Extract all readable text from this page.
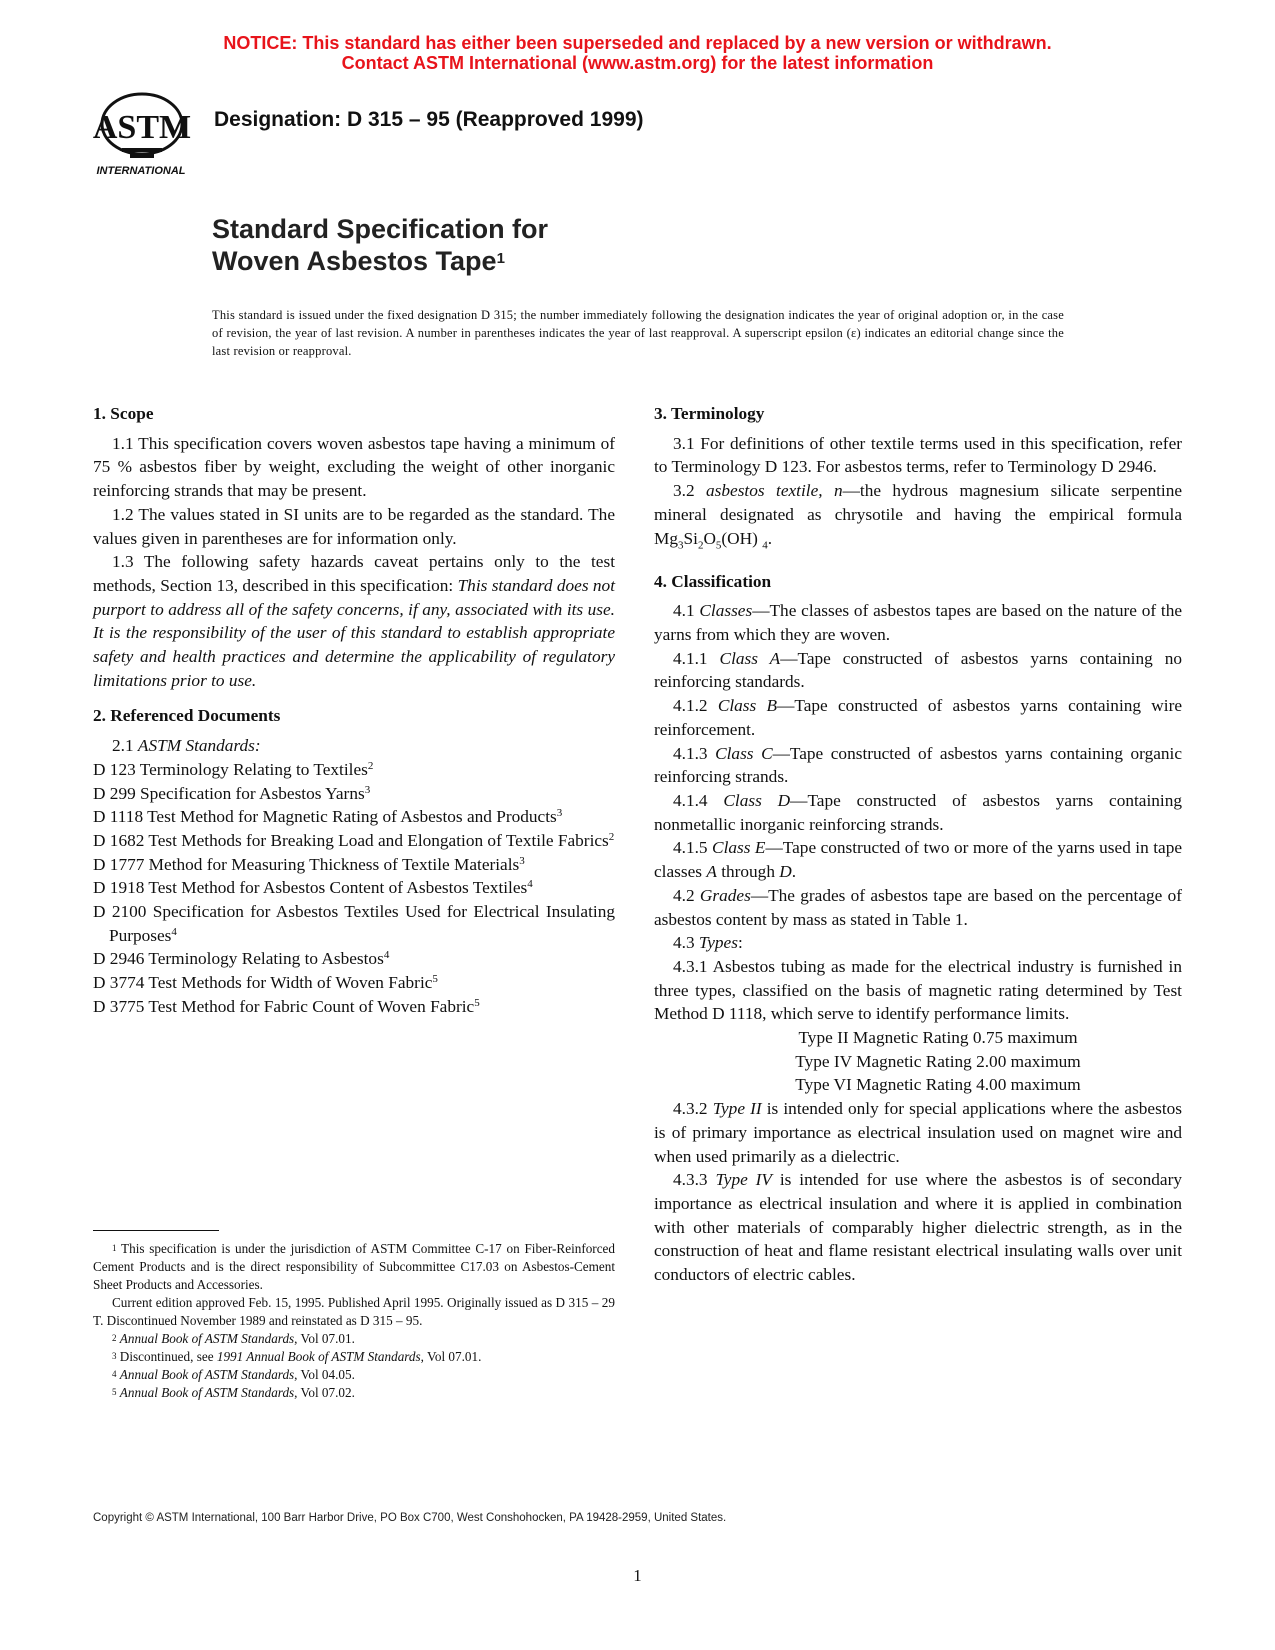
NOTICE: This standard has either been superseded and replaced by a new version or withdrawn.
Contact ASTM International (www.astm.org) for the latest information
ASTM
INTERNATIONAL
Designation: D 315 – 95 (Reapproved 1999)
Standard Specification for
Woven Asbestos Tape$^1$
This standard is issued under the fixed designation D 315; the number immediately following the designation indicates the year of original adoption or, in the case of revision, the year of last revision. A number in parentheses indicates the year of last reapproval. A superscript epsilon (ε) indicates an editorial change since the last revision or reapproval.
1. Scope

1.1 This specification covers woven asbestos tape having a minimum of 75 % asbestos fiber by weight, excluding the weight of other inorganic reinforcing strands that may be present.

1.2 The values stated in SI units are to be regarded as the standard. The values given in parentheses are for information only.

1.3 The following safety hazards caveat pertains only to the test methods, Section 13, described in this specification: This standard does not purport to address all of the safety concerns, if any, associated with its use. It is the responsibility of the user of this standard to establish appropriate safety and health practices and determine the applicability of regulatory limitations prior to use.

2. Referenced Documents

2.1 ASTM Standards:

D 123 Terminology Relating to Textiles$^2$

D 299 Specification for Asbestos Yarns$^3$

D 1118 Test Method for Magnetic Rating of Asbestos and Products$^3$

D 1682 Test Methods for Breaking Load and Elongation of Textile Fabrics$^2$

D 1777 Method for Measuring Thickness of Textile Materials$^3$

D 1918 Test Method for Asbestos Content of Asbestos Textiles$^4$

D 2100 Specification for Asbestos Textiles Used for Electrical Insulating Purposes$^4$

D 2946 Terminology Relating to Asbestos$^4$

D 3774 Test Methods for Width of Woven Fabric$^5$

D 3775 Test Method for Fabric Count of Woven Fabric$^5$

$^1$ This specification is under the jurisdiction of ASTM Committee C-17 on Fiber-Reinforced Cement Products and is the direct responsibility of Subcommittee C17.03 on Asbestos-Cement Sheet Products and Accessories.

Current edition approved Feb. 15, 1995. Published April 1995. Originally issued as D 315 – 29 T. Discontinued November 1989 and reinstated as D 315 – 95.

$^2$ Annual Book of ASTM Standards, Vol 07.01.

$^3$ Discontinued, see 1991 Annual Book of ASTM Standards, Vol 07.01.

$^4$ Annual Book of ASTM Standards, Vol 04.05.

$^5$ Annual Book of ASTM Standards, Vol 07.02.

3. Terminology

3.1 For definitions of other textile terms used in this specification, refer to Terminology D 123. For asbestos terms, refer to Terminology D 2946.

3.2 asbestos textile, n—the hydrous magnesium silicate serpentine mineral designated as chrysotile and having the empirical formula $Mg_3Si_2O_5(OH)$ $_4$.

4. Classification

4.1 Classes—The classes of asbestos tapes are based on the nature of the yarns from which they are woven.

4.1.1 Class A—Tape constructed of asbestos yarns containing no reinforcing standards.

4.1.2 Class B—Tape constructed of asbestos yarns containing wire reinforcement.

4.1.3 Class C—Tape constructed of asbestos yarns containing organic reinforcing strands.

4.1.4 Class D—Tape constructed of asbestos yarns containing nonmetallic inorganic reinforcing strands.

4.1.5 Class E—Tape constructed of two or more of the yarns used in tape classes A through D.

4.2 Grades—The grades of asbestos tape are based on the percentage of asbestos content by mass as stated in Table 1.

4.3 Types:

4.3.1 Asbestos tubing as made for the electrical industry is furnished in three types, classified on the basis of magnetic rating determined by Test Method D 1118, which serve to identify performance limits.

Type II Magnetic Rating 0.75 maximum

Type IV Magnetic Rating 2.00 maximum

Type VI Magnetic Rating 4.00 maximum

4.3.2 Type II is intended only for special applications where the asbestos is of primary importance as electrical insulation used on magnet wire and when used primarily as a dielectric.

4.3.3 Type IV is intended for use where the asbestos is of secondary importance as electrical insulation and where it is applied in combination with other materials of comparably higher dielectric strength, as in the construction of heat and flame resistant electrical insulating walls over unit conductors of electric cables.

Copyright © ASTM International, 100 Barr Harbor Drive, PO Box C700, West Conshohocken, PA 19428-2959, United States.
1
